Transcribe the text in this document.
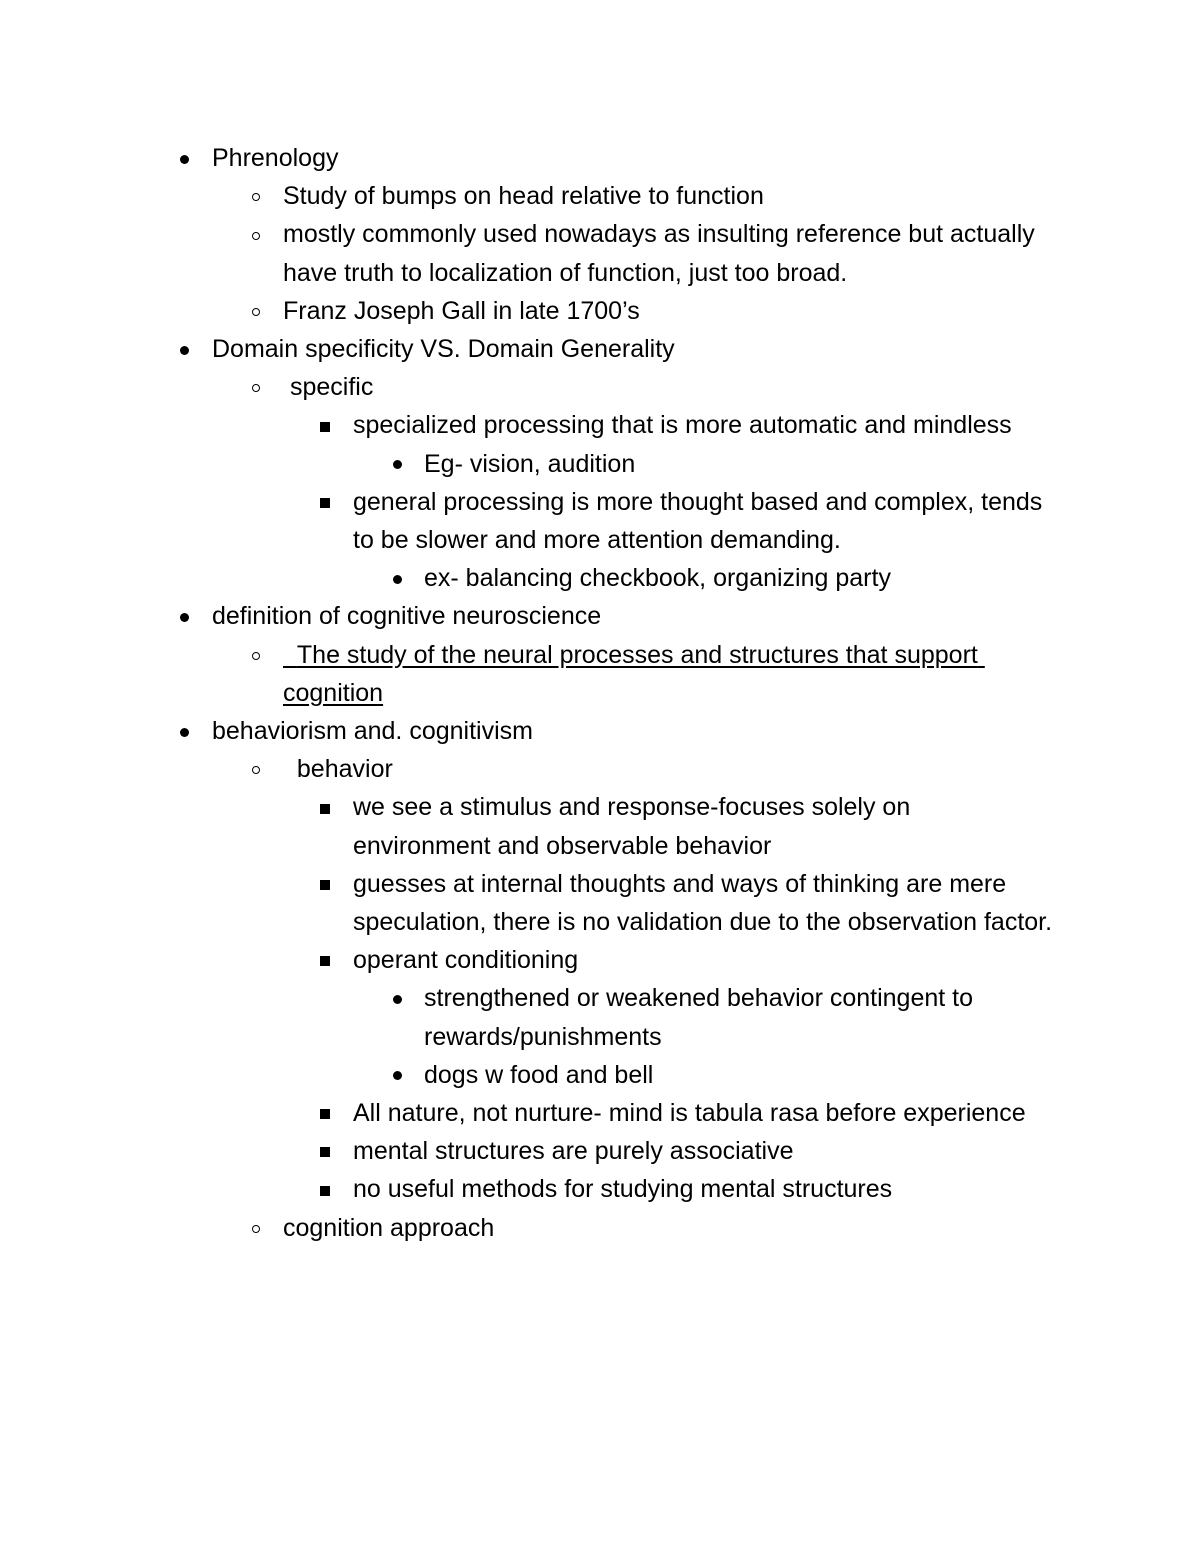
Phrenology
Study of bumps on head relative to function
mostly commonly used nowadays as insulting reference but actually have truth to localization of function, just too broad.
Franz Joseph Gall in late 1700’s
Domain specificity VS. Domain Generality
specific
specialized processing that is more automatic and mindless
Eg- vision, audition
general processing is more thought based and complex, tends to be slower and more attention demanding.
ex- balancing checkbook, organizing party
definition of cognitive neuroscience
The study of the neural processes and structures that support cognition
behaviorism and. cognitivism
behavior
we see a stimulus and response-focuses solely on environment and observable behavior
guesses at internal thoughts and ways of thinking are mere speculation, there is no validation due to the observation factor.
operant conditioning
strengthened or weakened behavior contingent to rewards/punishments
dogs w food and bell
All nature, not nurture- mind is tabula rasa before experience
mental structures are purely associative
no useful methods for studying mental structures
cognition approach
